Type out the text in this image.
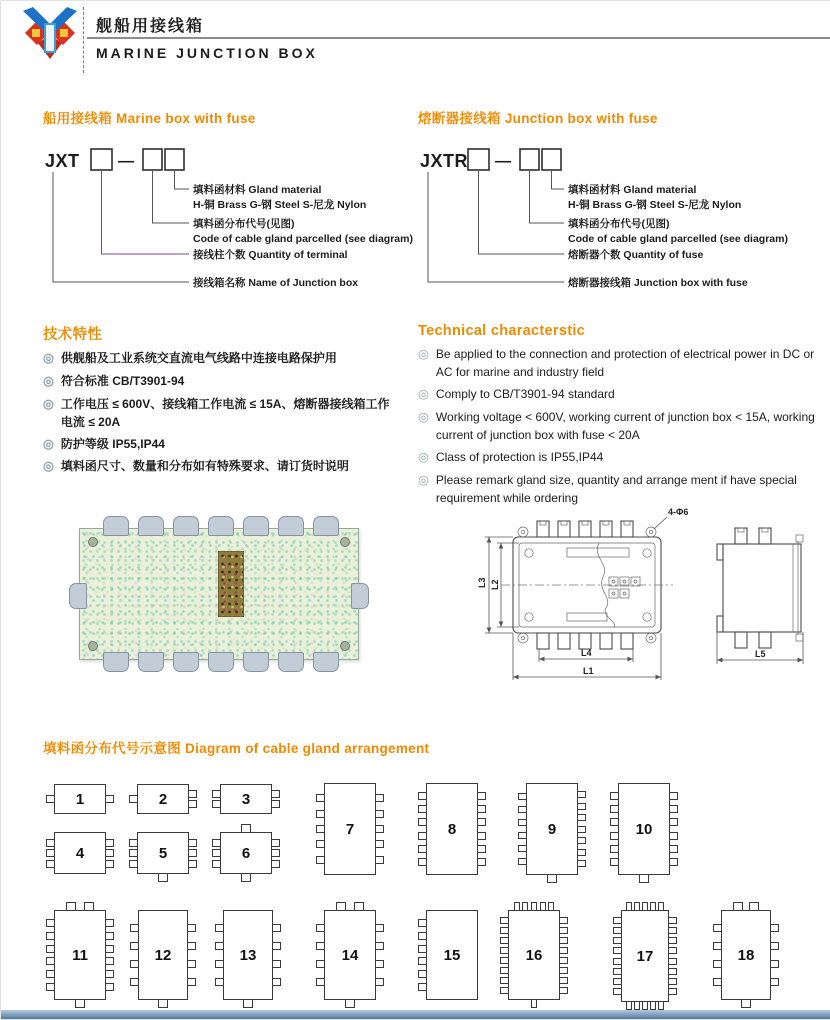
舰船用接线箱
MARINE JUNCTION BOX
船用接线箱 Marine box with fuse	熔断器接线箱 Junction box with fuse
JXT —
填料函材料 Gland material
H-铜 Brass G-钢 Steel S-尼龙 Nylon
填料函分布代号(见图)
Code of cable gland parcelled (see diagram)
接线柱个数 Quantity of terminal
接线箱名称 Name of Junction box
JXTR —
填料函材料 Gland material
H-铜 Brass G-钢 Steel S-尼龙 Nylon
填料函分布代号(见图)
Code of cable gland parcelled (see diagram)
熔断器个数 Quantity of fuse
熔断器接线箱 Junction box with fuse
技术特性
◎ 供舰船及工业系统交直流电气线路中连接电路保护用
◎ 符合标准 CB/T3901-94
◎ 工作电压 ≤ 600V、接线箱工作电流 ≤ 15A、熔断器接线箱工作电流 ≤ 20A
◎ 防护等级 IP55,IP44
◎ 填料函尺寸、数量和分布如有特殊要求、请订货时说明
Technical characterstic
◎ Be applied to the connection and protection of electrical power in DC or AC for marine and industry field
◎ Comply to CB/T3901-94 standard
◎ Working voltage < 600V, working current of junction box < 15A, working current of junction box with fuse < 20A
◎ Class of protection is IP55,IP44
◎ Please remark gland size, quantity and arrange ment if have special requirement while ordering
L3 L2
L4
L1
4-Φ6
L5
填料函分布代号示意图 Diagram of cable gland arrangement
1	2	3
4	5	6
7	8	9	10
11	12	13	14	15	16	17	18
